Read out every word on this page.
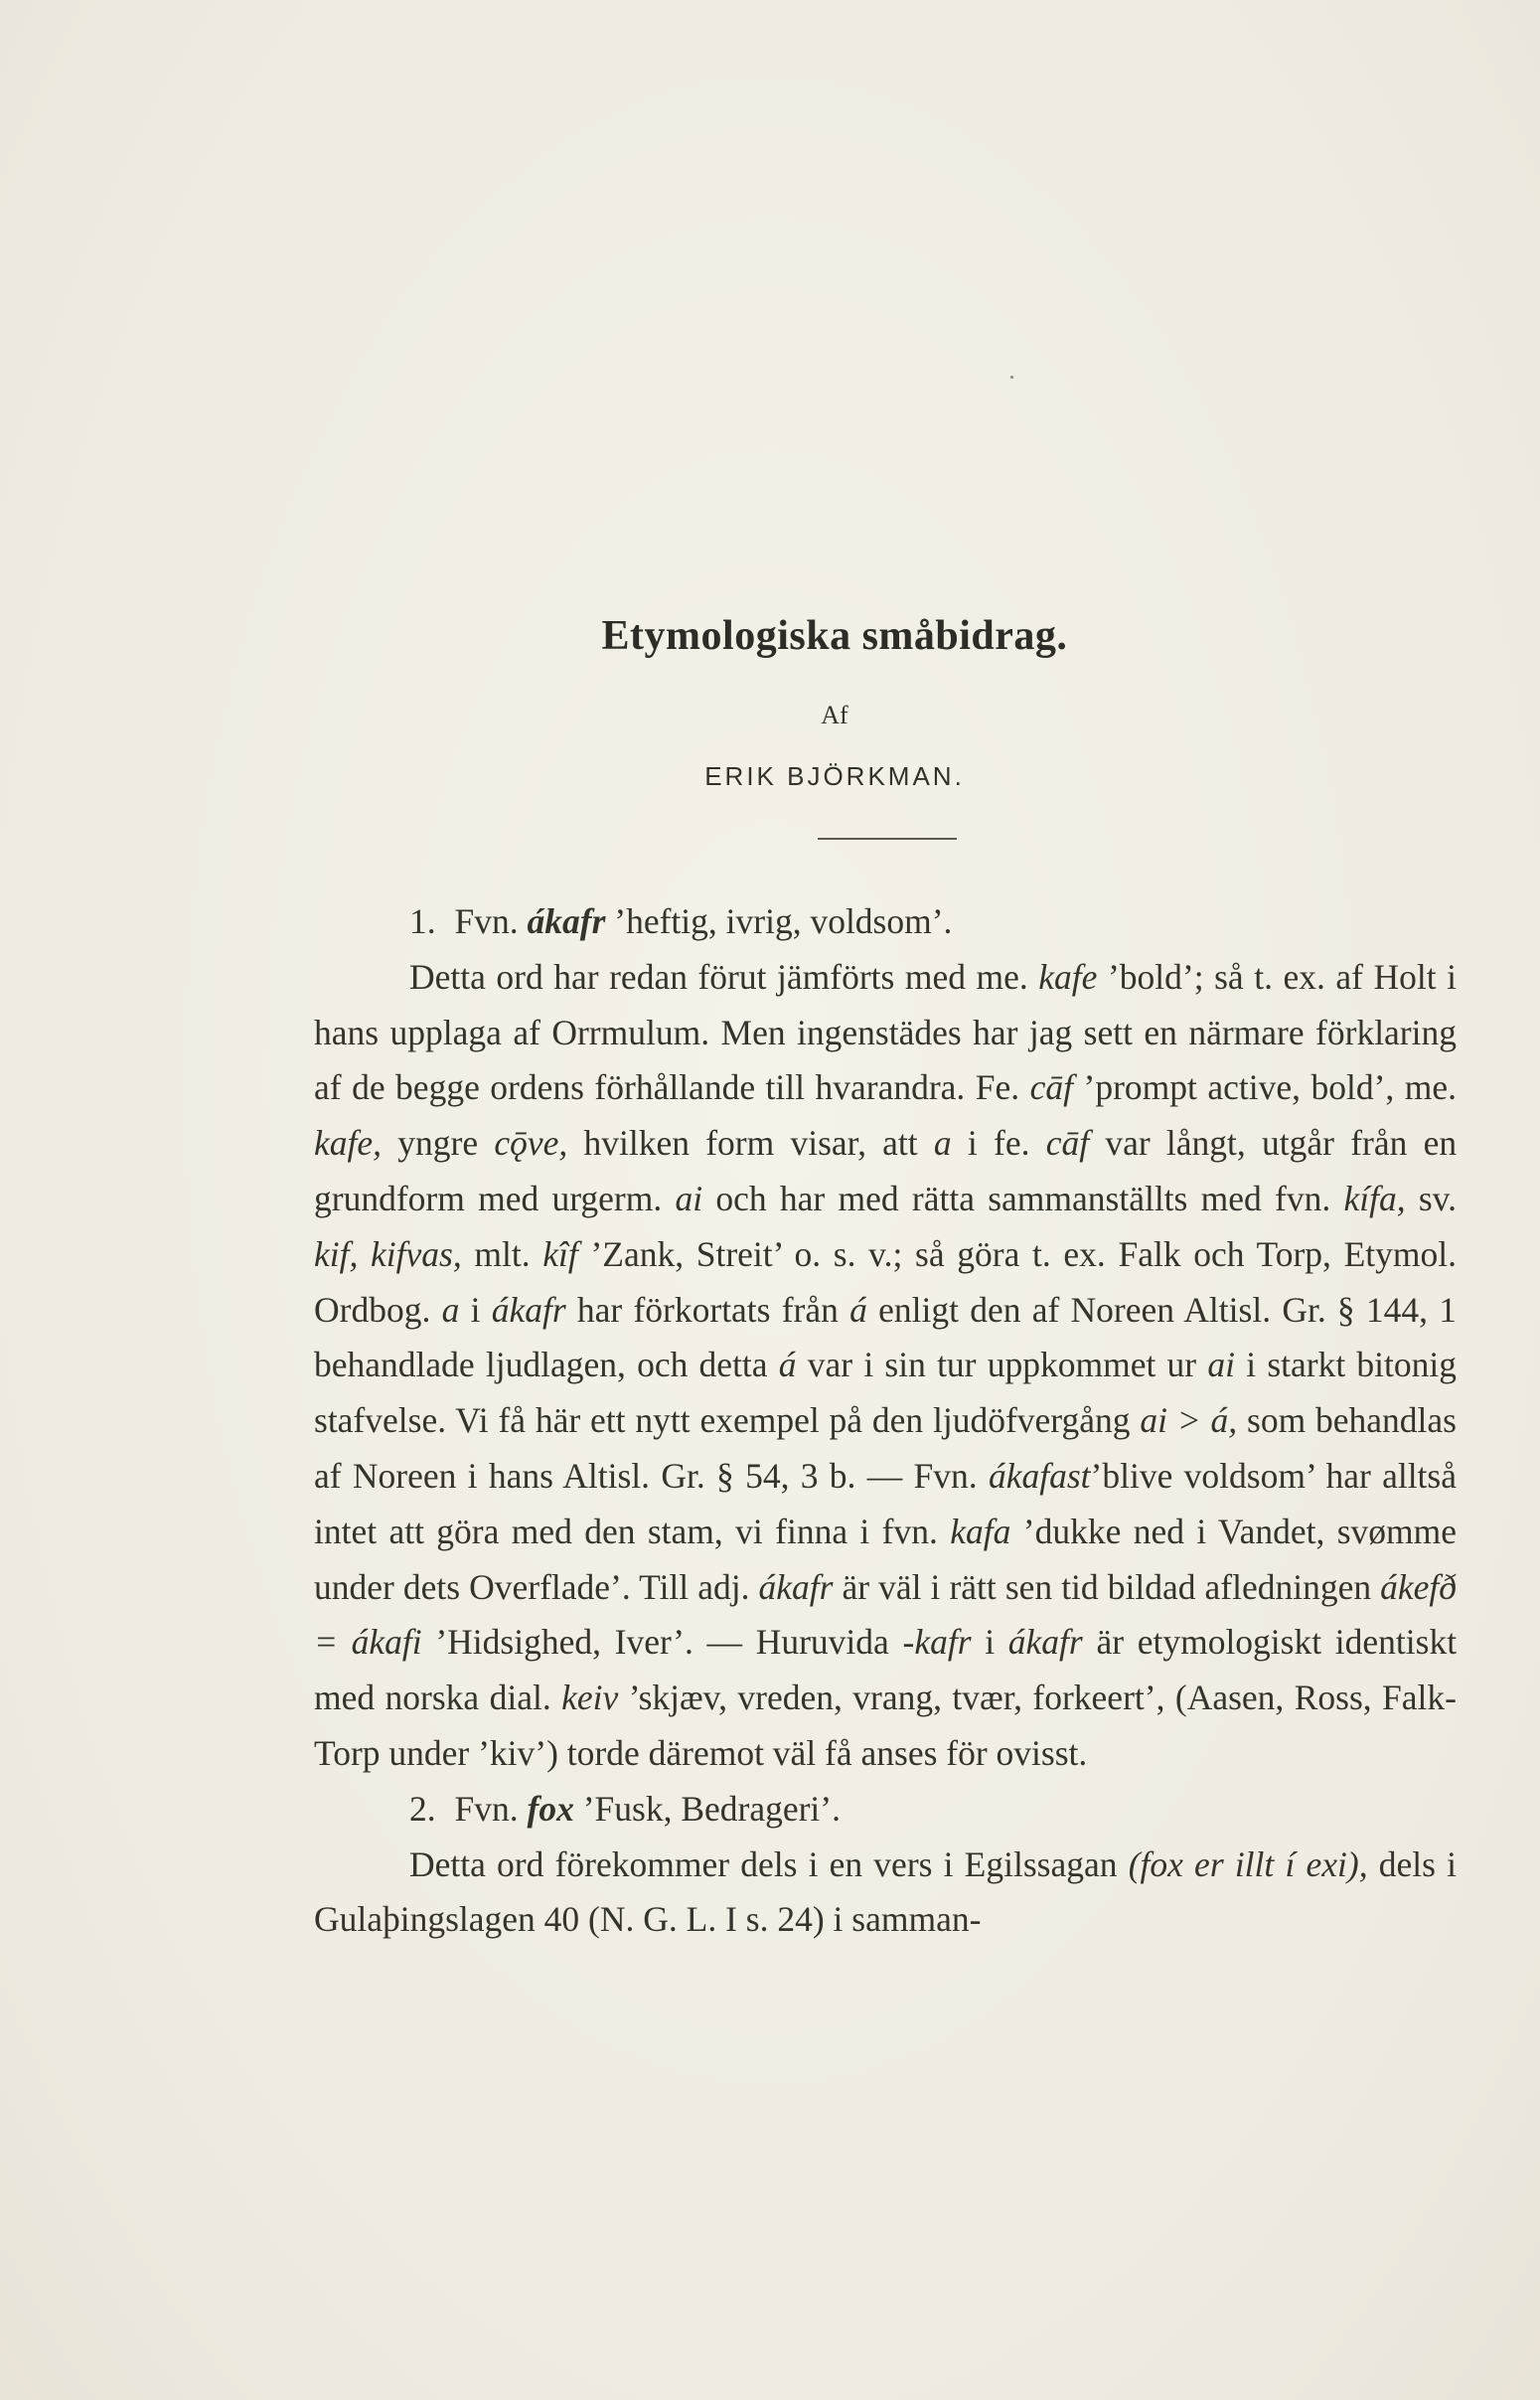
Etymologiska småbidrag.
Af
ERIK BJÖRKMAN.

1. Fvn. ákafr ’heftig, ivrig, voldsom’.

Detta ord har redan förut jämförts med me. kafe ’bold’; så t. ex. af Holt i hans upplaga af Orrmulum. Men ingenstädes har jag sett en närmare förklaring af de begge ordens förhållande till hvarandra. Fe. cāf ’prompt active, bold’, me. kafe, yngre cǭve, hvilken form visar, att a i fe. cāf var långt, utgår från en grundform med urgerm. ai och har med rätta sammanställts med fvn. kífa, sv. kif, kifvas, mlt. kîf ’Zank, Streit’ o. s. v.; så göra t. ex. Falk och Torp, Etymol. Ordbog. a i ákafr har förkortats från á enligt den af Noreen Altisl. Gr. § 144, 1 behandlade ljudlagen, och detta á var i sin tur uppkommet ur ai i starkt bitonig stafvelse. Vi få här ett nytt exempel på den ljudöfvergång ai > á, som behandlas af Noreen i hans Altisl. Gr. § 54, 3 b. — Fvn. ákafast’blive voldsom’ har alltså intet att göra med den stam, vi finna i fvn. kafa ’dukke ned i Vandet, svømme under dets Overflade’. Till adj. ákafr är väl i rätt sen tid bildad afledningen ákefð = ákafi ’Hidsighed, Iver’. — Huruvida -kafr i ákafr är etymologiskt identiskt med norska dial. keiv ’skjæv, vreden, vrang, tvær, forkeert’, (Aasen, Ross, Falk-Torp under ’kiv’) torde däremot väl få anses för ovisst.

2. Fvn. fox ’Fusk, Bedrageri’.

Detta ord förekommer dels i en vers i Egilssagan (fox er illt í exi), dels i Gulaþingslagen 40 (N. G. L. I s. 24) i samman-
